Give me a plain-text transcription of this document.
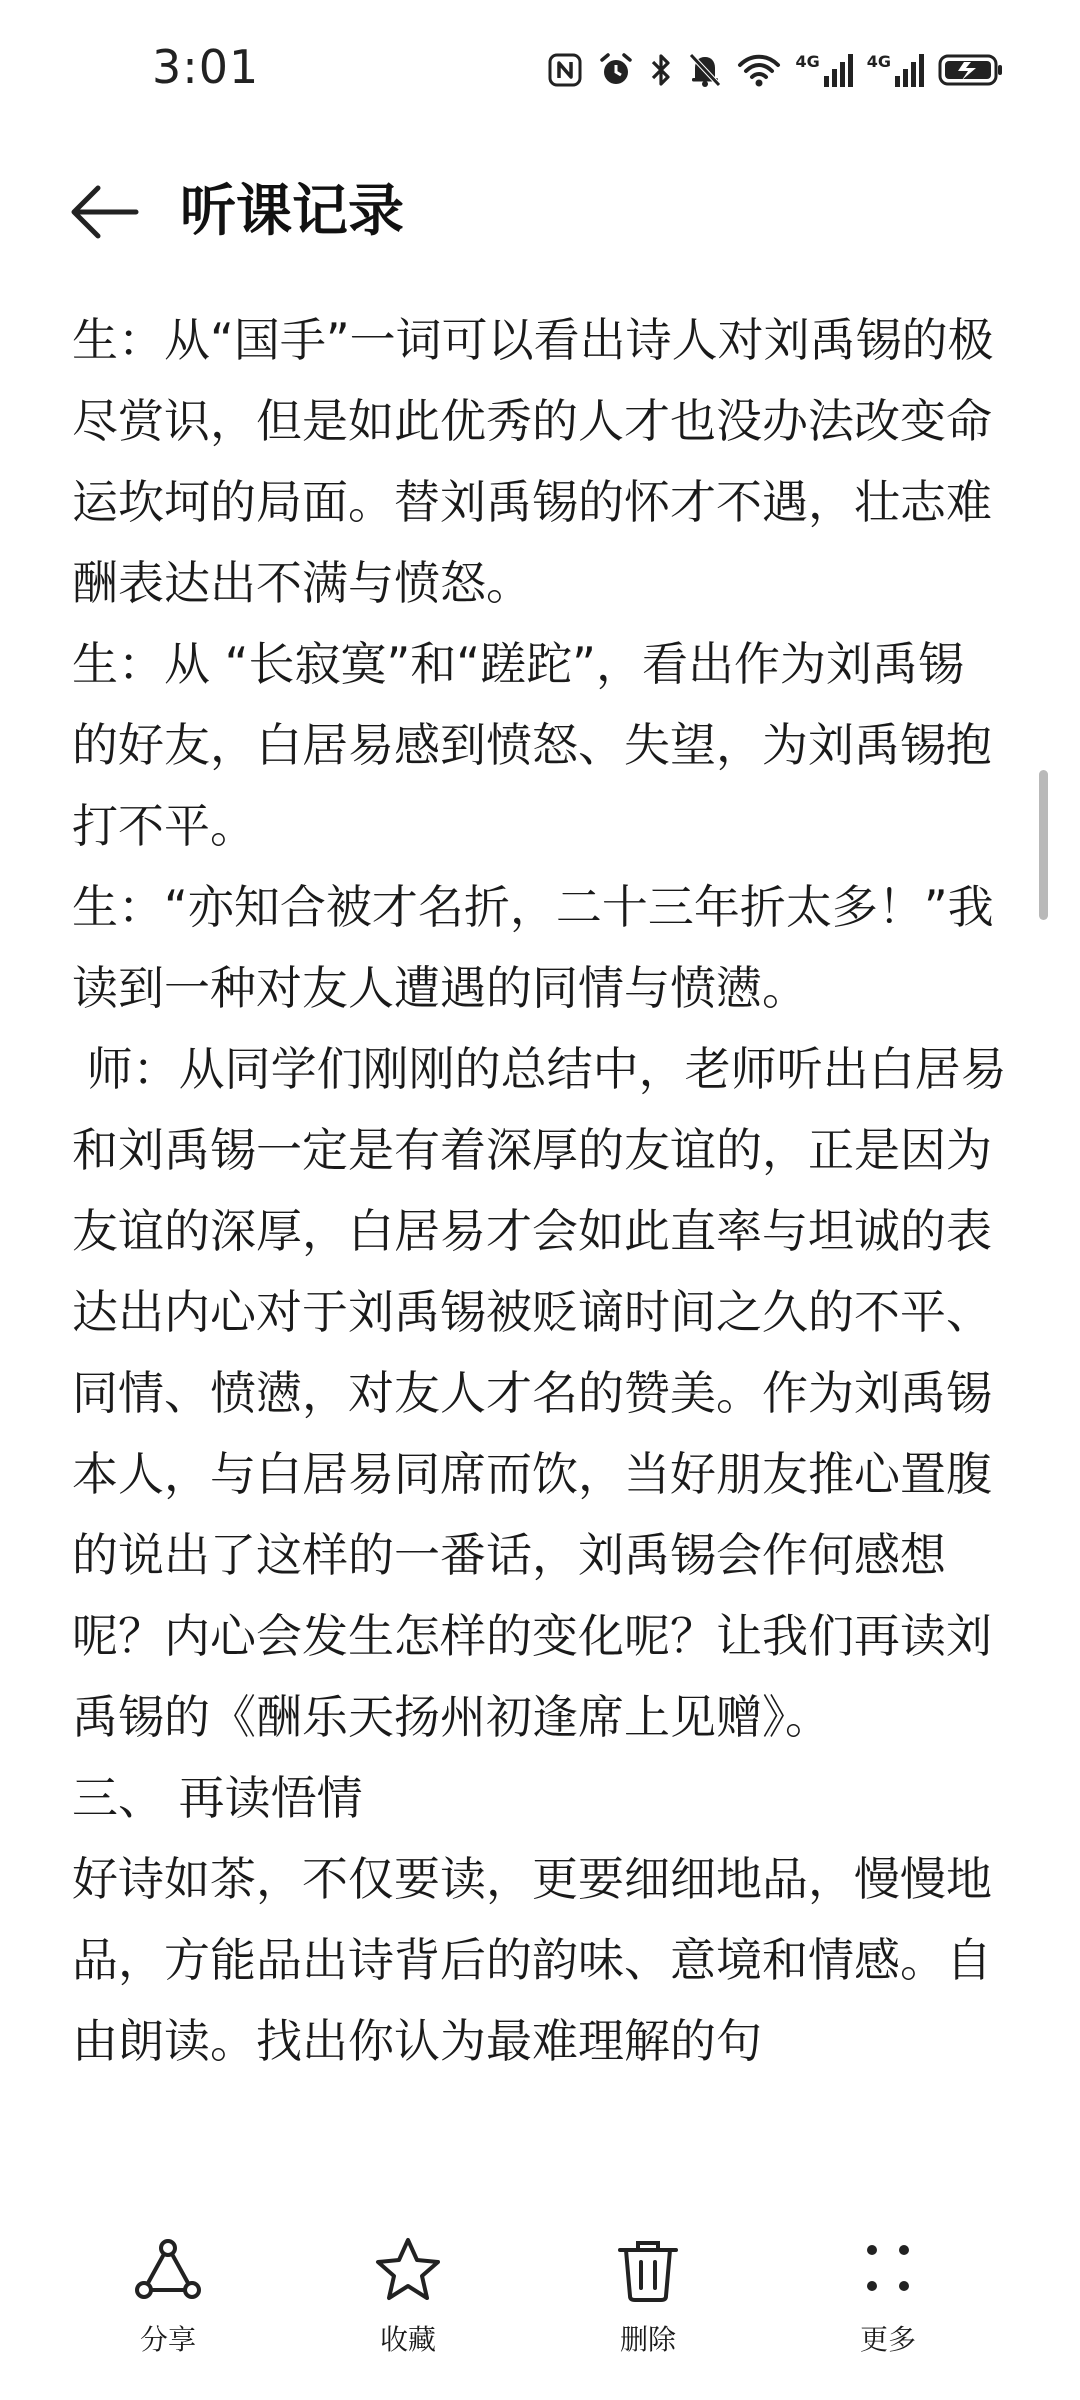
3:01	4G	4G
听课记录

生：从“国手”一词可以看出诗人对刘禹锡的极尽赏识，但是如此优秀的人才也没办法改变命运坎坷的局面。替刘禹锡的怀才不遇，壮志难酬表达出不满与愤怒。

生：从 “长寂寞”和“蹉跎”，看出作为刘禹锡的好友，白居易感到愤怒、失望，为刘禹锡抱打不平。

生：“亦知合被才名折，二十三年折太多！”我读到一种对友人遭遇的同情与愤懑。

师：从同学们刚刚的总结中，老师听出白居易和刘禹锡一定是有着深厚的友谊的，正是因为友谊的深厚，白居易才会如此直率与坦诚的表达出内心对于刘禹锡被贬谪时间之久的不平、同情、愤懑，对友人才名的赞美。作为刘禹锡本人，与白居易同席而饮，当好朋友推心置腹的说出了这样的一番话，刘禹锡会作何感想呢？内心会发生怎样的变化呢？让我们再读刘禹锡的《酬乐天扬州初逢席上见赠》。

三、 再读悟情

好诗如茶，不仅要读，更要细细地品，慢慢地品，方能品出诗背后的韵味、意境和情感。自由朗读。找出你认为最难理解的句

分享	收藏	删除	更多
